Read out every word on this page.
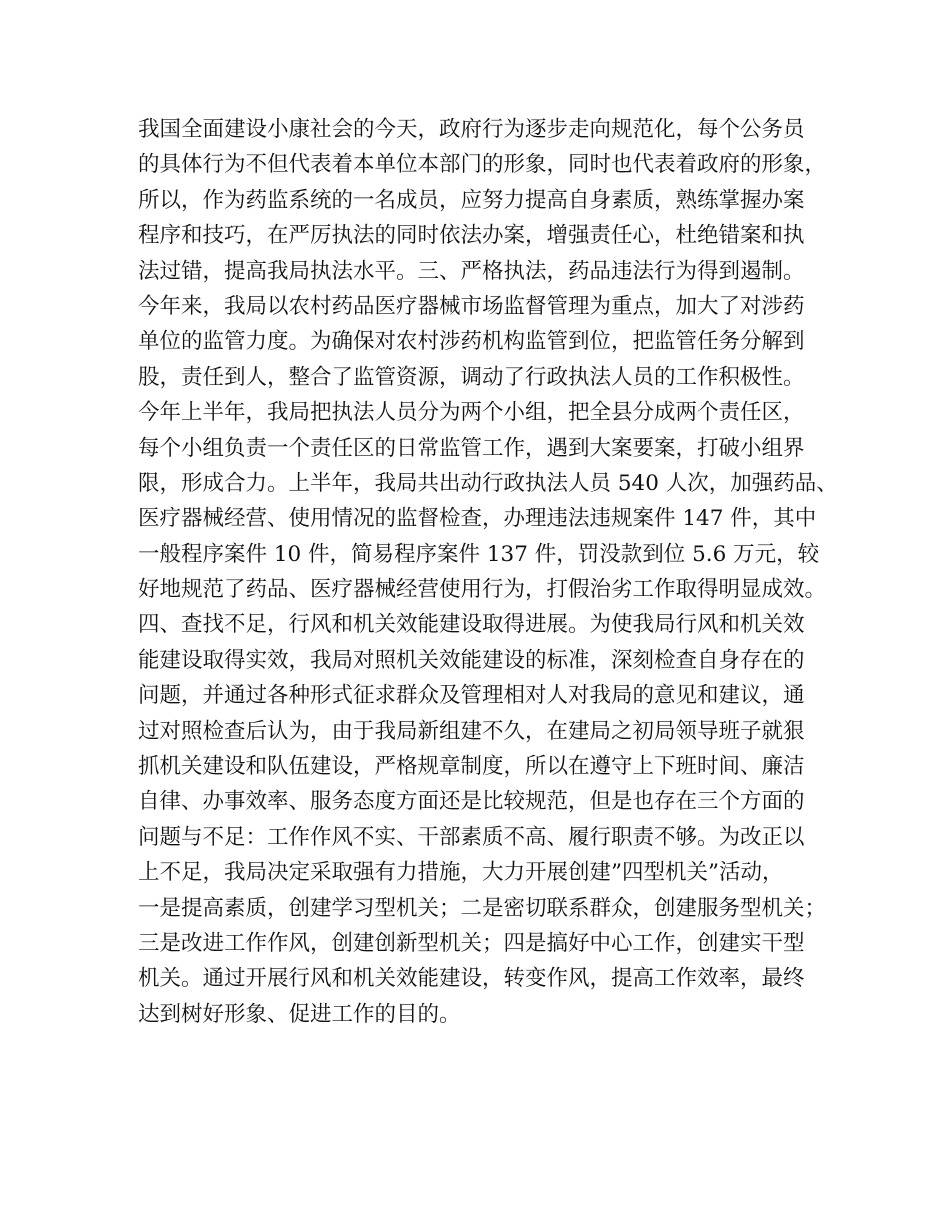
我国全面建设小康社会的今天，政府行为逐步走向规范化，每个公务员
的具体行为不但代表着本单位本部门的形象，同时也代表着政府的形象，
所以，作为药监系统的一名成员，应努力提高自身素质，熟练掌握办案
程序和技巧，在严厉执法的同时依法办案，增强责任心，杜绝错案和执
法过错，提高我局执法水平。三、严格执法，药品违法行为得到遏制。
今年来，我局以农村药品医疗器械市场监督管理为重点，加大了对涉药
单位的监管力度。为确保对农村涉药机构监管到位，把监管任务分解到
股，责任到人，整合了监管资源，调动了行政执法人员的工作积极性。
今年上半年，我局把执法人员分为两个小组，把全县分成两个责任区，
每个小组负责一个责任区的日常监管工作，遇到大案要案，打破小组界
限，形成合力。上半年，我局共出动行政执法人员 540 人次，加强药品、
医疗器械经营、使用情况的监督检查，办理违法违规案件 147 件，其中
一般程序案件 10 件，简易程序案件 137 件，罚没款到位 5.6 万元，较
好地规范了药品、医疗器械经营使用行为，打假治劣工作取得明显成效。
四、查找不足，行风和机关效能建设取得进展。为使我局行风和机关效
能建设取得实效，我局对照机关效能建设的标准，深刻检查自身存在的
问题，并通过各种形式征求群众及管理相对人对我局的意见和建议，通
过对照检查后认为，由于我局新组建不久，在建局之初局领导班子就狠
抓机关建设和队伍建设，严格规章制度，所以在遵守上下班时间、廉洁
自律、办事效率、服务态度方面还是比较规范，但是也存在三个方面的
问题与不足：工作作风不实、干部素质不高、履行职责不够。为改正以
上不足，我局决定采取强有力措施，大力开展创建”四型机关”活动，
一是提高素质，创建学习型机关；二是密切联系群众，创建服务型机关；
三是改进工作作风，创建创新型机关；四是搞好中心工作，创建实干型
机关。通过开展行风和机关效能建设，转变作风，提高工作效率，最终
达到树好形象、促进工作的目的。
